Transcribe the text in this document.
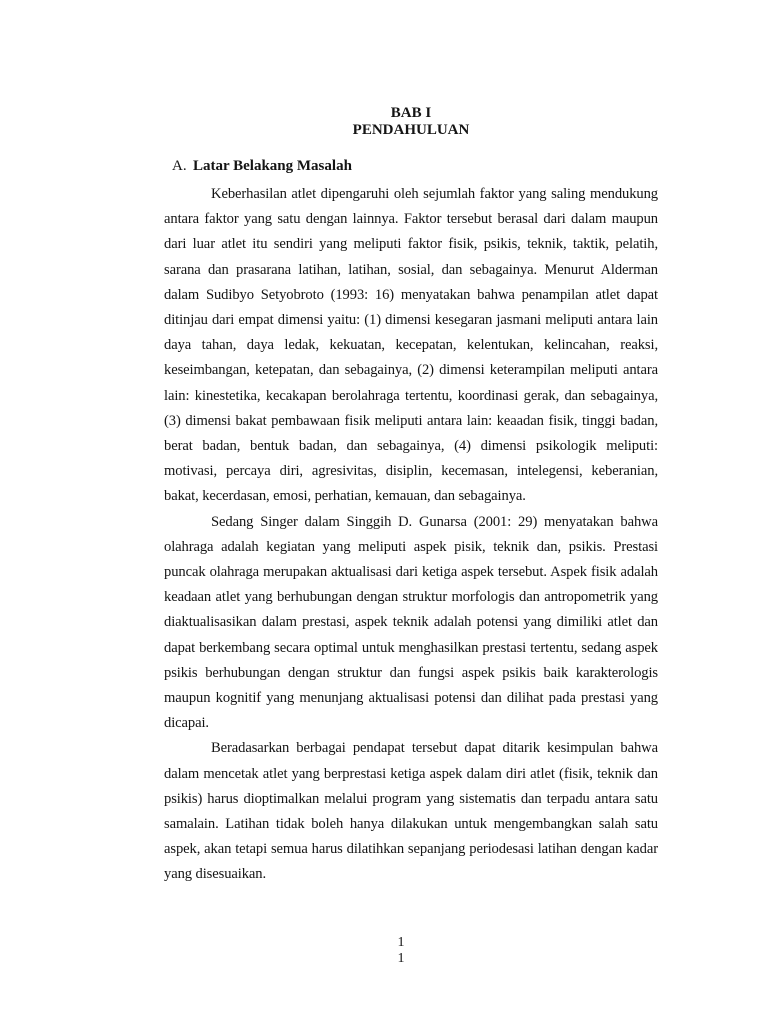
BAB I

PENDAHULUAN

A. Latar Belakang Masalah

Keberhasilan atlet dipengaruhi oleh sejumlah faktor yang saling mendukung antara faktor yang satu dengan lainnya. Faktor tersebut berasal dari dalam maupun dari luar atlet itu sendiri yang meliputi faktor fisik, psikis, teknik, taktik, pelatih, sarana dan prasarana latihan, latihan, sosial, dan sebagainya. Menurut Alderman dalam Sudibyo Setyobroto (1993: 16) menyatakan bahwa penampilan atlet dapat ditinjau dari empat dimensi yaitu: (1) dimensi kesegaran jasmani meliputi antara lain daya tahan, daya ledak, kekuatan, kecepatan, kelentukan, kelincahan, reaksi, keseimbangan, ketepatan, dan sebagainya, (2) dimensi keterampilan meliputi antara lain: kinestetika, kecakapan berolahraga tertentu, koordinasi gerak, dan sebagainya, (3) dimensi bakat pembawaan fisik meliputi antara lain: keaadan fisik, tinggi badan, berat badan, bentuk badan, dan sebagainya, (4) dimensi psikologik meliputi: motivasi, percaya diri, agresivitas, disiplin, kecemasan, intelegensi, keberanian, bakat, kecerdasan, emosi, perhatian, kemauan, dan sebagainya.

Sedang Singer dalam Singgih D. Gunarsa (2001: 29) menyatakan bahwa olahraga adalah kegiatan yang meliputi aspek pisik, teknik dan, psikis. Prestasi puncak olahraga merupakan aktualisasi dari ketiga aspek tersebut. Aspek fisik adalah keadaan atlet yang berhubungan dengan struktur morfologis dan antropometrik yang diaktualisasikan dalam prestasi, aspek teknik adalah potensi yang dimiliki atlet dan dapat berkembang secara optimal untuk menghasilkan prestasi tertentu, sedang aspek psikis berhubungan dengan struktur dan fungsi aspek psikis baik karakterologis maupun kognitif yang menunjang aktualisasi potensi dan dilihat pada prestasi yang dicapai.

Beradasarkan berbagai pendapat tersebut dapat ditarik kesimpulan bahwa dalam mencetak atlet yang berprestasi ketiga aspek dalam diri atlet (fisik, teknik dan psikis) harus dioptimalkan melalui program yang sistematis dan terpadu antara satu samalain. Latihan tidak boleh hanya dilakukan untuk mengembangkan salah satu aspek, akan tetapi semua harus dilatihkan sepanjang periodesasi latihan dengan kadar yang disesuaikan.

1

1
